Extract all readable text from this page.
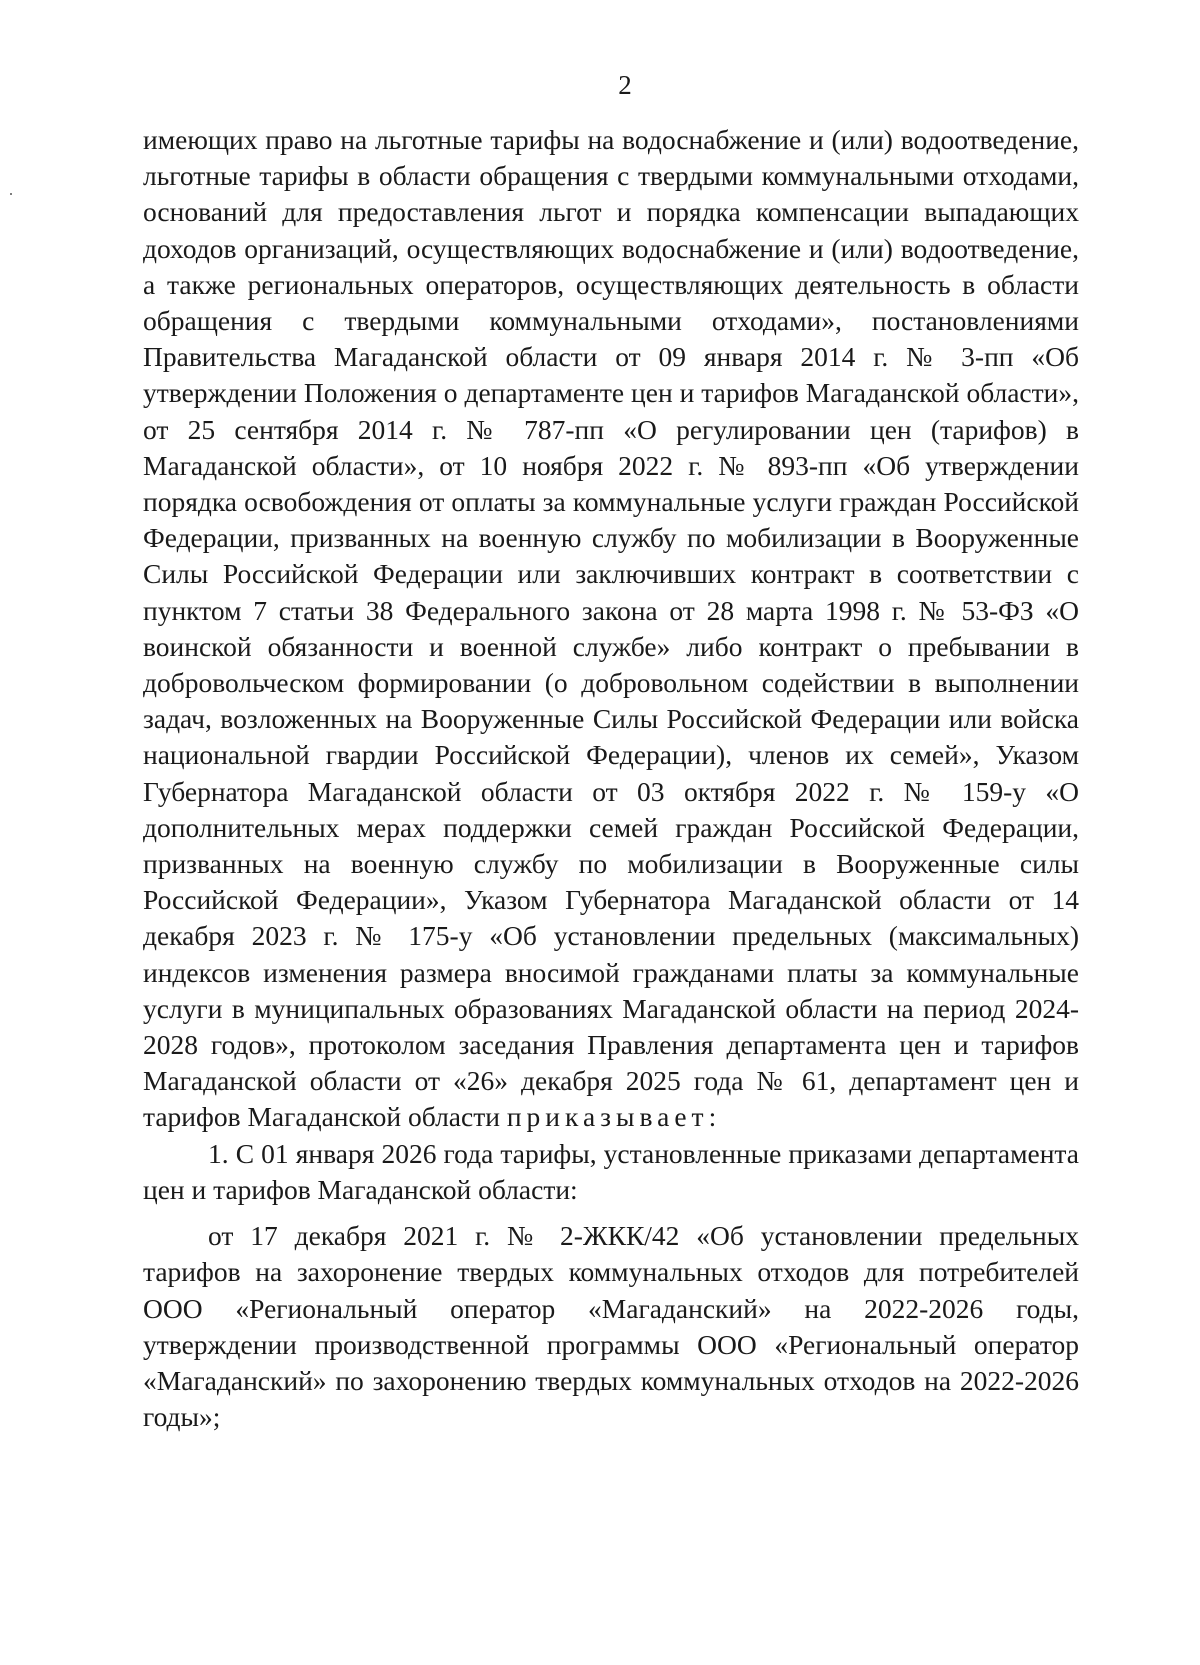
2

имеющих право на льготные тарифы на водоснабжение и (или) водоотведение, льготные тарифы в области обращения с твердыми коммунальными отходами, оснований для предоставления льгот и порядка компенсации выпадающих доходов организаций, осуществляющих водоснабжение и (или) водоотведение, а также региональных операторов, осуществляющих деятельность в области обращения с твердыми коммунальными отходами», постановлениями Правительства Магаданской области от 09 января 2014 г. № 3-пп «Об утверждении Положения о департаменте цен и тарифов Магаданской области», от 25 сентября 2014 г. № 787-пп «О регулировании цен (тарифов) в Магаданской области», от 10 ноября 2022 г. № 893-пп «Об утверждении порядка освобождения от оплаты за коммунальные услуги граждан Российской Федерации, призванных на военную службу по мобилизации в Вооруженные Силы Российской Федерации или заключивших контракт в соответствии с пунктом 7 статьи 38 Федерального закона от 28 марта 1998 г. № 53-ФЗ «О воинской обязанности и военной службе» либо контракт о пребывании в добровольческом формировании (о добровольном содействии в выполнении задач, возложенных на Вооруженные Силы Российской Федерации или войска национальной гвардии Российской Федерации), членов их семей», Указом Губернатора Магаданской области от 03 октября 2022 г. № 159-у «О дополнительных мерах поддержки семей граждан Российской Федерации, призванных на военную службу по мобилизации в Вооруженные силы Российской Федерации», Указом Губернатора Магаданской области от 14 декабря 2023 г. № 175-у «Об установлении предельных (максимальных) индексов изменения размера вносимой гражданами платы за коммунальные услуги в муниципальных образованиях Магаданской области на период 2024-2028 годов», протоколом заседания Правления департамента цен и тарифов Магаданской области от «26» декабря 2025 года № 61, департамент цен и тарифов Магаданской области приказывает:

1. С 01 января 2026 года тарифы, установленные приказами департамента цен и тарифов Магаданской области:

от 17 декабря 2021 г. № 2-ЖКК/42 «Об установлении предельных тарифов на захоронение твердых коммунальных отходов для потребителей ООО «Региональный оператор «Магаданский» на 2022-2026 годы, утверждении производственной программы ООО «Региональный оператор «Магаданский» по захоронению твердых коммунальных отходов на 2022-2026 годы»;
